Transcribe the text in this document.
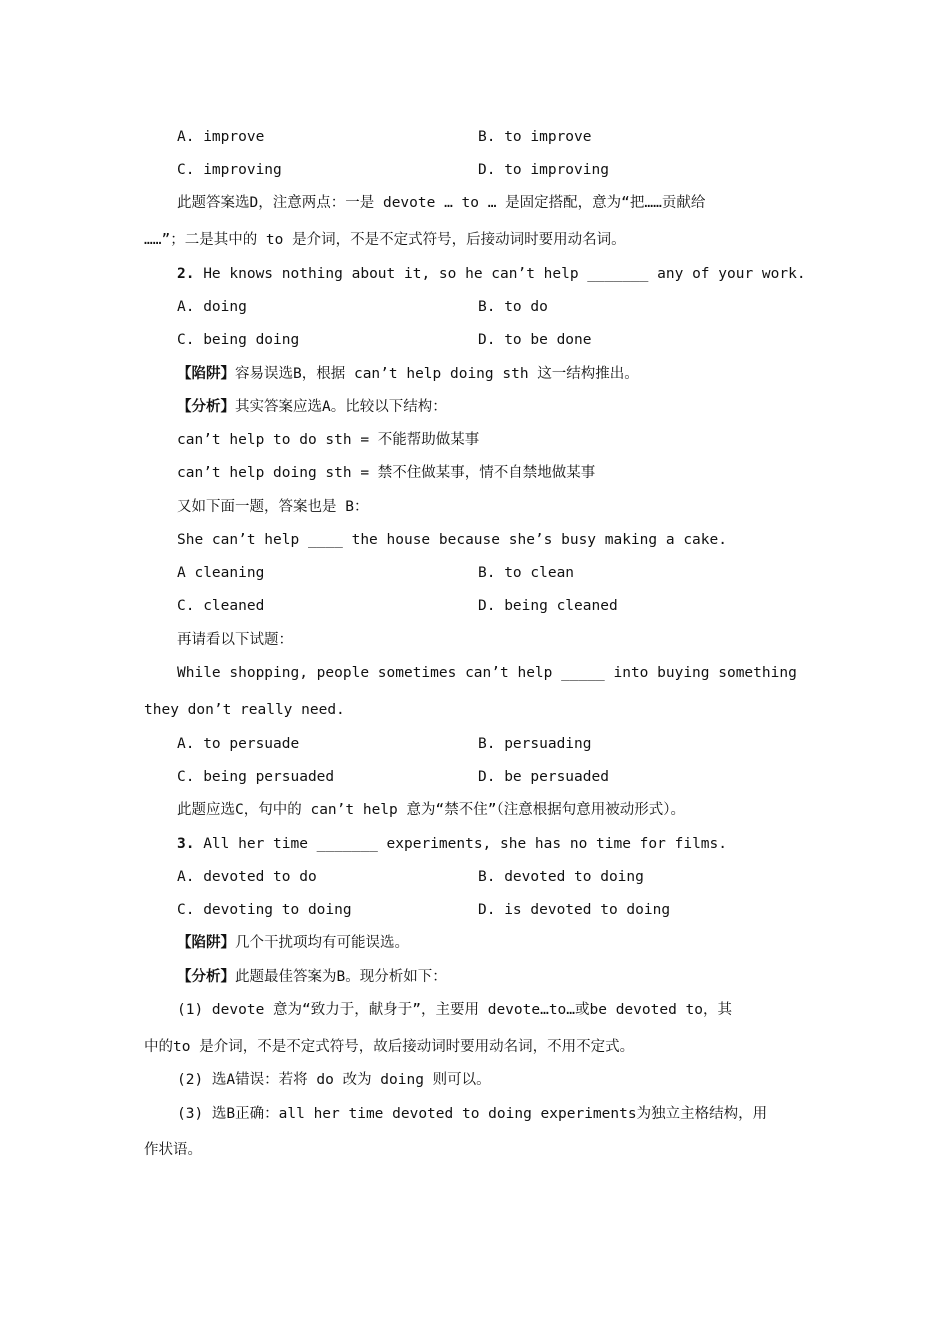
A. improve	B. to improve
C. improving	D. to improving
此题答案选D，注意两点：一是 devote … to … 是固定搭配，意为“把……贡献给
……”；二是其中的 to 是介词，不是不定式符号，后接动词时要用动名词。
2. He knows nothing about it, so he can’t help _______ any of your work.
A. doing	B. to do
C. being doing	D. to be done
【陷阱】容易误选B，根据 can’t help doing sth 这一结构推出。
【分析】其实答案应选A。比较以下结构：
can’t help to do sth = 不能帮助做某事
can’t help doing sth = 禁不住做某事，情不自禁地做某事
又如下面一题，答案也是 B：
She can’t help ____ the house because she’s busy making a cake.
A cleaning	B. to clean
C. cleaned	D. being cleaned
再请看以下试题：
While shopping, people sometimes can’t help _____ into buying something
they don’t really need.
A. to persuade	B. persuading
C. being persuaded	D. be persuaded
此题应选C，句中的 can’t help 意为“禁不住”（注意根据句意用被动形式）。
3. All her time _______ experiments, she has no time for films.
A. devoted to do	B. devoted to doing
C. devoting to doing	D. is devoted to doing
【陷阱】几个干扰项均有可能误选。
【分析】此题最佳答案为B。现分析如下：
(1) devote 意为“致力于，献身于”，主要用 devote…to…或be devoted to，其
中的to 是介词，不是不定式符号，故后接动词时要用动名词，不用不定式。
(2) 选A错误：若将 do 改为 doing 则可以。
(3) 选B正确：all her time devoted to doing experiments为独立主格结构，用
作状语。
